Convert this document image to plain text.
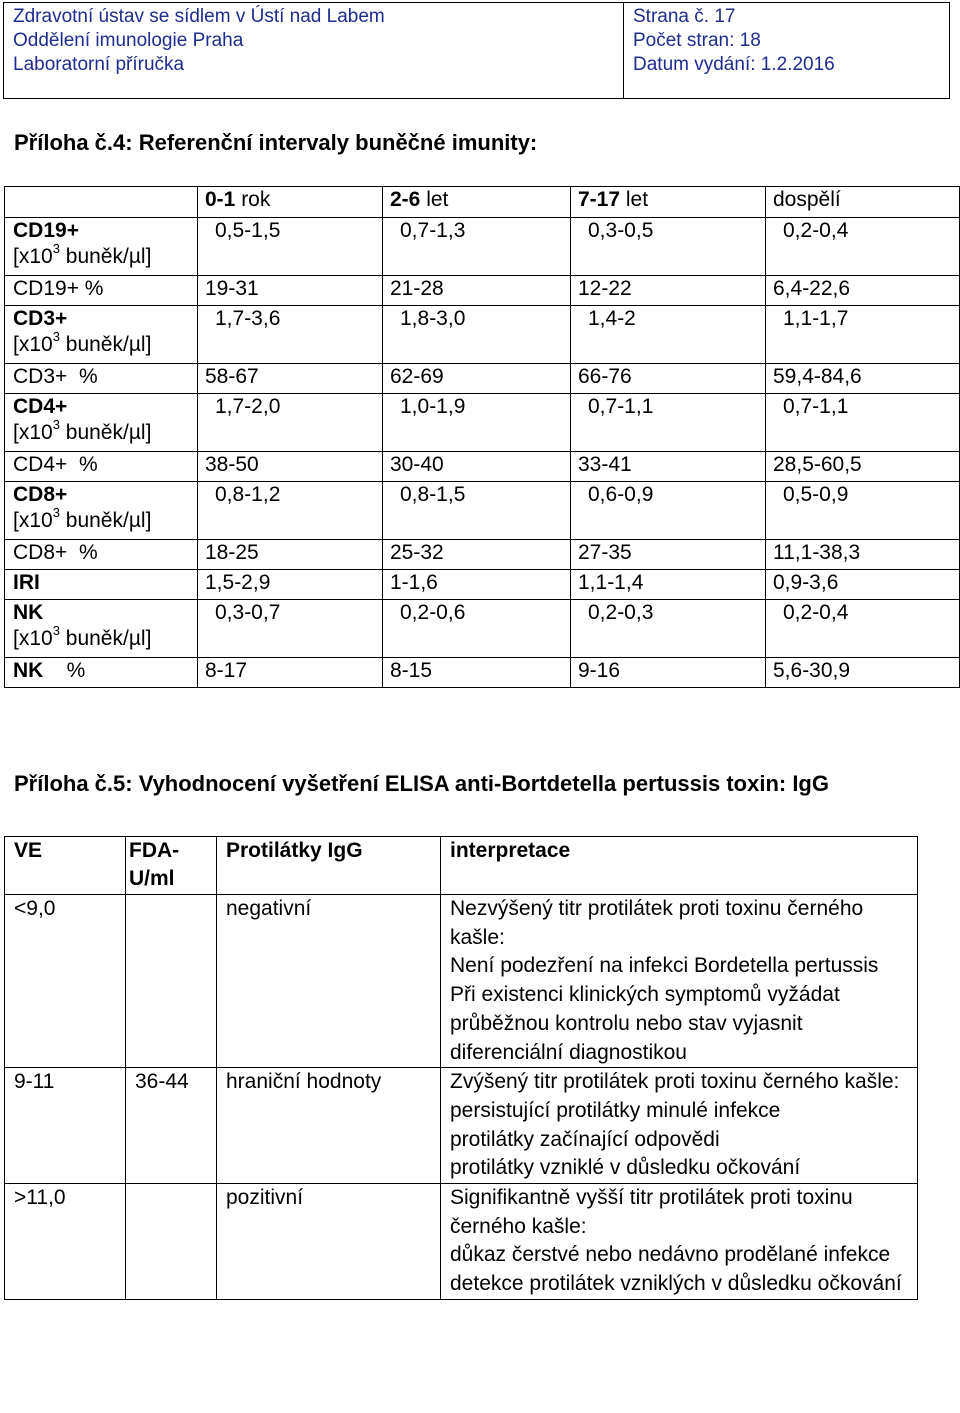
Zdravotní ústav se sídlem v Ústí nad Labem
Oddělení imunologie Praha
Laboratorní příručka

Strana č. 17
Počet stran: 18
Datum vydání: 1.2.2016
Příloha č.4: Referenční intervaly buněčné imunity:
	0-1 rok	2-6 let	7-17 let	dospělí
CD19+
[$x10^3$ buněk/µl]	0,5-1,5	0,7-1,3	0,3-0,5	0,2-0,4
CD19+ %	19-31	21-28	12-22	6,4-22,6
CD3+
[$x10^3$ buněk/µl]	1,7-3,6	1,8-3,0	1,4-2	1,1-1,7
CD3+  %	58-67	62-69	66-76	59,4-84,6
CD4+
[$x10^3$ buněk/µl]	1,7-2,0	1,0-1,9	0,7-1,1	0,7-1,1
CD4+  %	38-50	30-40	33-41	28,5-60,5
CD8+
[$x10^3$ buněk/µl]	0,8-1,2	0,8-1,5	0,6-0,9	0,5-0,9
CD8+  %	18-25	25-32	27-35	11,1-38,3
IRI	1,5-2,9	1-1,6	1,1-1,4	0,9-3,6
NK
[$x10^3$ buněk/µl]	0,3-0,7	0,2-0,6	0,2-0,3	0,2-0,4
NK    %	8-17	8-15	9-16	5,6-30,9
Příloha č.5: Vyhodnocení vyšetření ELISA anti-Bortdetella pertussis toxin: IgG
VE	FDA-U/ml	Protilátky IgG	interpretace
<9,0		negativní	Nezvýšený titr protilátek proti toxinu černého kašle:
Není podezření na infekci Bordetella pertussis
Při existenci klinických symptomů vyžádat průběžnou kontrolu nebo stav vyjasnit diferenciální diagnostikou

9-11	36-44	hraniční hodnoty	Zvýšený titr protilátek proti toxinu černého kašle:
persistující protilátky minulé infekce
protilátky začínající odpovědi
protilátky vzniklé v důsledku očkování

>11,0		pozitivní	Signifikantně vyšší titr protilátek proti toxinu černého kašle:
důkaz čerstvé nebo nedávno prodělané infekce
detekce protilátek vzniklých v důsledku očkování
